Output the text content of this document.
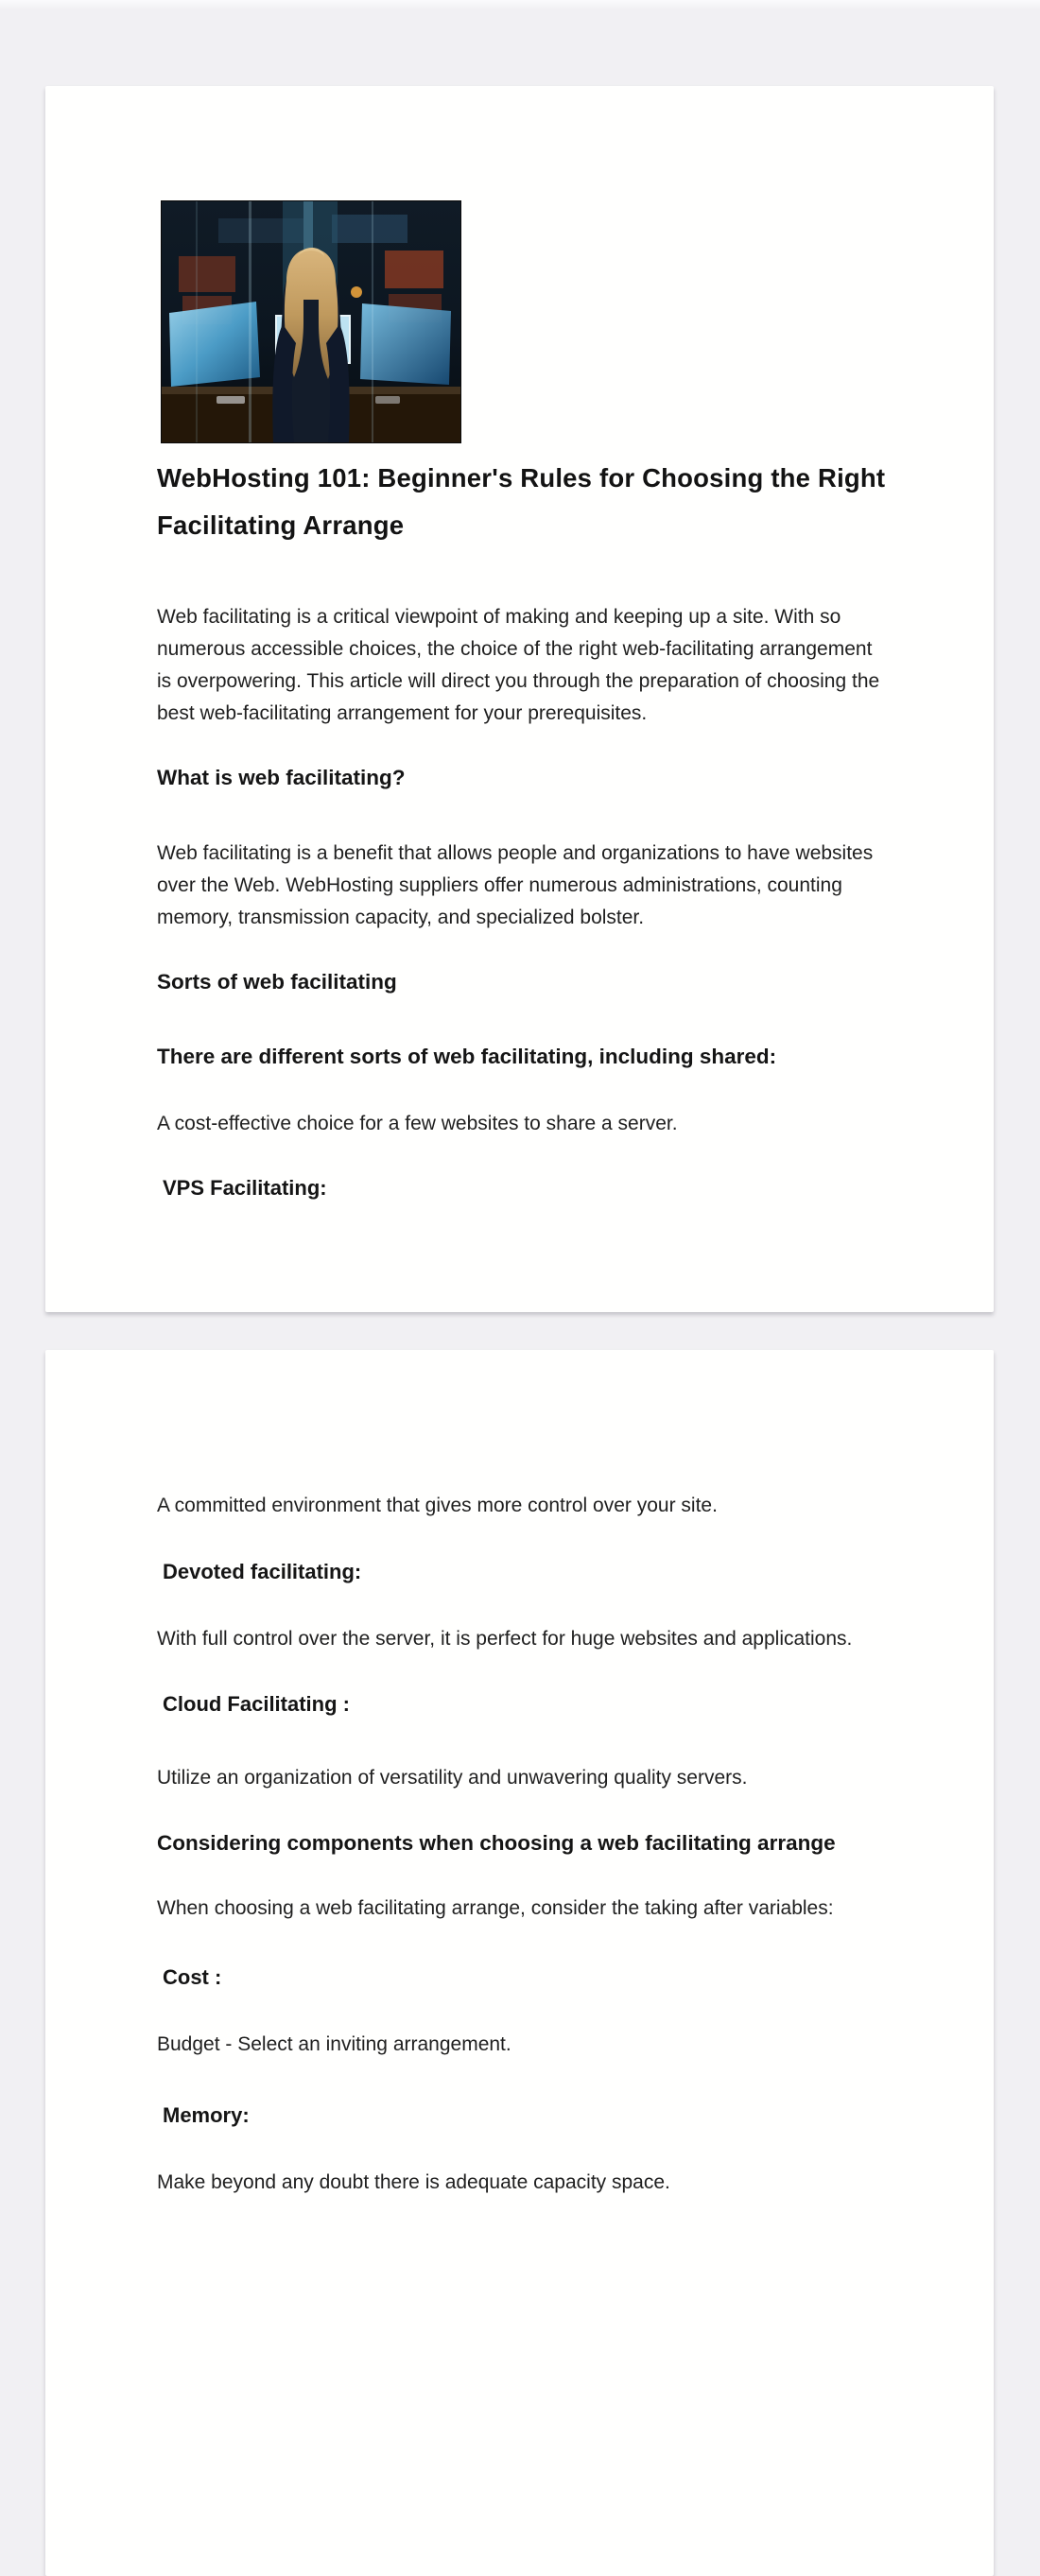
WebHosting 101: Beginner's Rules for Choosing the Right Facilitating Arrange

Web facilitating is a critical viewpoint of making and keeping up a site. With so numerous accessible choices, the choice of the right web-facilitating arrangement is overpowering. This article will direct you through the preparation of choosing the best web-facilitating arrangement for your prerequisites.

What is web facilitating?

Web facilitating is a benefit that allows people and organizations to have websites over the Web. WebHosting suppliers offer numerous administrations, counting memory, transmission capacity, and specialized bolster.

Sorts of web facilitating
There are different sorts of web facilitating, including shared:

A cost-effective choice for a few websites to share a server.

VPS Facilitating:

A committed environment that gives more control over your site.

Devoted facilitating:

With full control over the server, it is perfect for huge websites and applications.

Cloud Facilitating :

Utilize an organization of versatility and unwavering quality servers.

Considering components when choosing a web facilitating arrange

When choosing a web facilitating arrange, consider the taking after variables:

Cost :

Budget - Select an inviting arrangement.

Memory:

Make beyond any doubt there is adequate capacity space.
